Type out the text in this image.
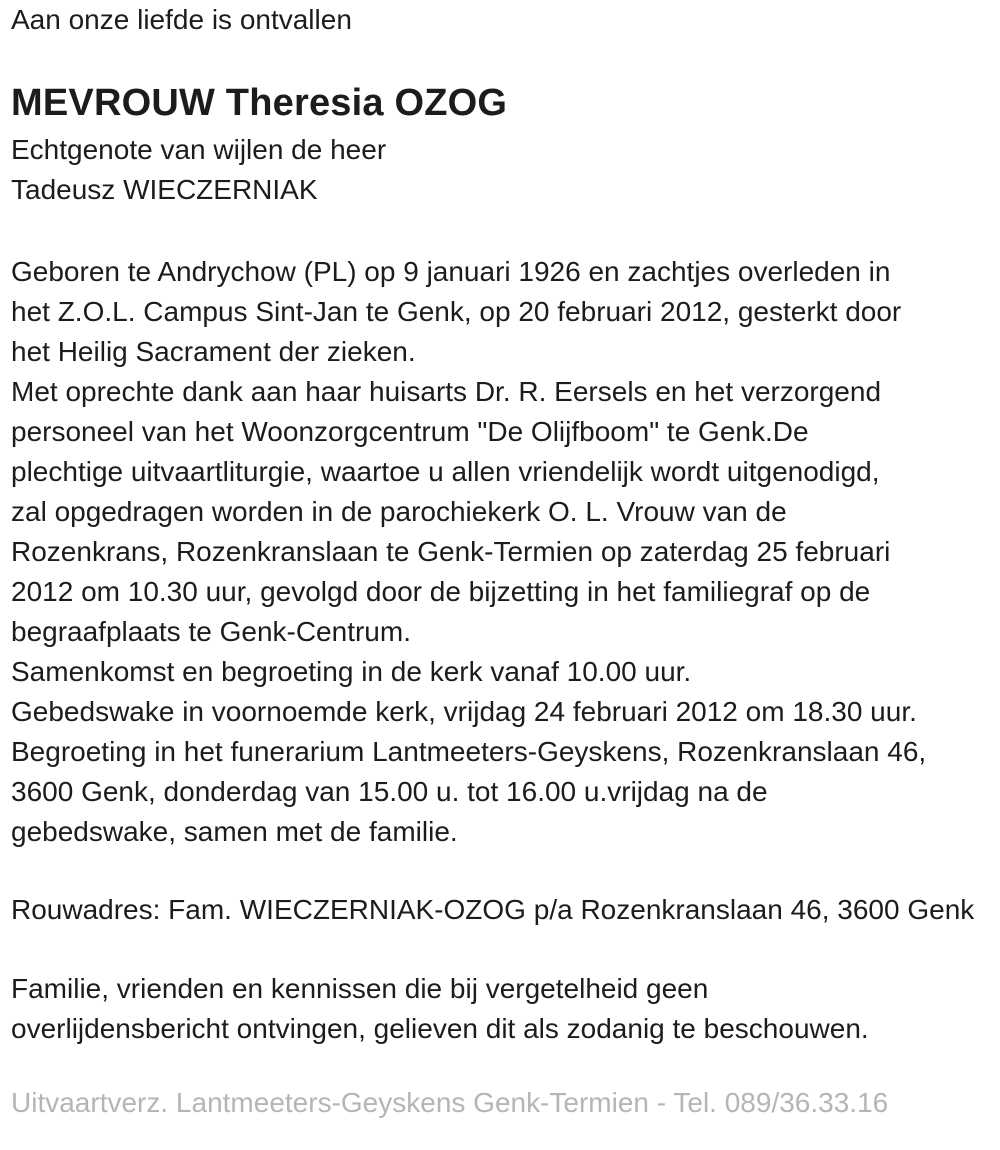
Aan onze liefde is ontvallen
MEVROUW Theresia OZOG
Echtgenote van wijlen de heer
Tadeusz WIECZERNIAK
Geboren te Andrychow (PL) op 9 januari 1926 en zachtjes overleden in
het Z.O.L. Campus Sint-Jan te Genk, op 20 februari 2012, gesterkt door
het Heilig Sacrament der zieken.
Met oprechte dank aan haar huisarts Dr. R. Eersels en het verzorgend
personeel van het Woonzorgcentrum "De Olijfboom" te Genk.De
plechtige uitvaartliturgie, waartoe u allen vriendelijk wordt uitgenodigd,
zal opgedragen worden in de parochiekerk O. L. Vrouw van de
Rozenkrans, Rozenkranslaan te Genk-Termien op zaterdag 25 februari
2012 om 10.30 uur, gevolgd door de bijzetting in het familiegraf op de
begraafplaats te Genk-Centrum.
Samenkomst en begroeting in de kerk vanaf 10.00 uur.
Gebedswake in voornoemde kerk, vrijdag 24 februari 2012 om 18.30 uur.
Begroeting in het funerarium Lantmeeters-Geyskens, Rozenkranslaan 46,
3600 Genk, donderdag van 15.00 u. tot 16.00 u.vrijdag na de
gebedswake, samen met de familie.
Rouwadres: Fam. WIECZERNIAK-OZOG p/a Rozenkranslaan 46, 3600 Genk
Familie, vrienden en kennissen die bij vergetelheid geen
overlijdensbericht ontvingen, gelieven dit als zodanig te beschouwen.
Uitvaartverz. Lantmeeters-Geyskens Genk-Termien - Tel. 089/36.33.16
